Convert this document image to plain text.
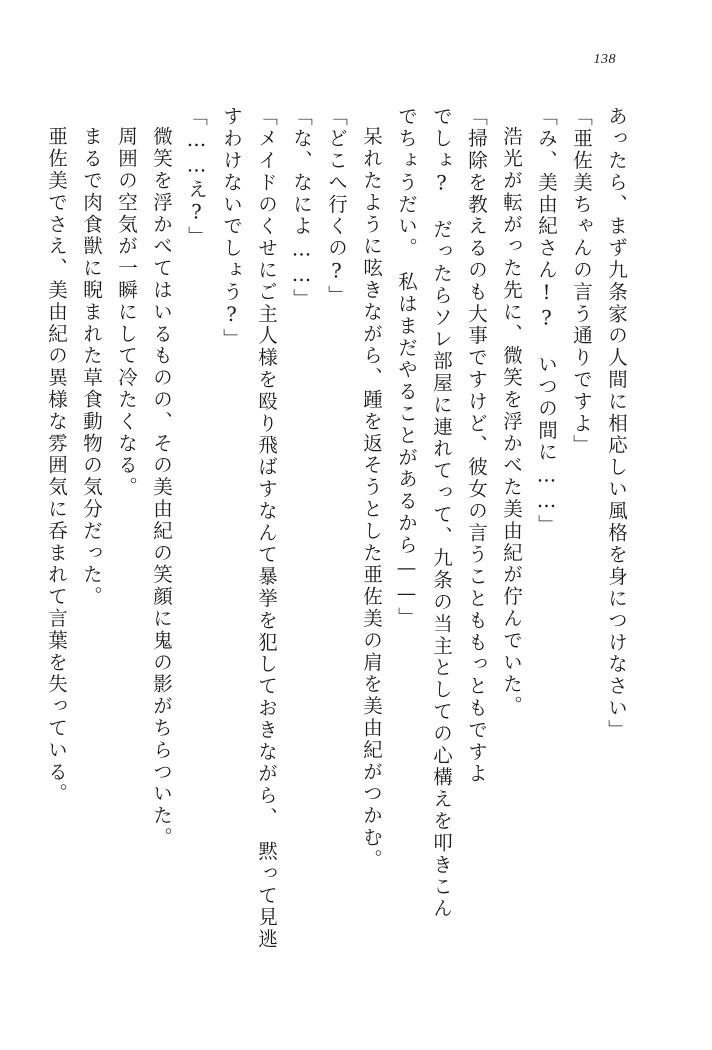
138
あったら、まず九条家の人間に相応しい風格を身につけなさい」
「亜佐美ちゃんの言う通りですよ」
「み、美由紀さん!?　いつの間に……」
浩光が転がった先に、微笑を浮かべた美由紀が佇んでいた。
「掃除を教えるのも大事ですけど、彼女の言うことももっともですよ
でしょ?　だったらソレ部屋に連れてって、九条の当主としての心構えを叩きこん
でちょうだい。　私はまだやることがあるから——」
呆れたように呟きながら、踵を返そうとした亜佐美の肩を美由紀がつかむ。
「どこへ行くの?」
「な、なによ……」
「メイドのくせにご主人様を殴り飛ばすなんて暴挙を犯しておきながら、　黙って見逃
すわけないでしょう?」
「……え?」
微笑を浮かべてはいるものの、その美由紀の笑顔に鬼の影がちらついた。
周囲の空気が一瞬にして冷たくなる。
まるで肉食獣に睨まれた草食動物の気分だった。
亜佐美でさえ、美由紀の異様な雰囲気に呑まれて言葉を失っている。
